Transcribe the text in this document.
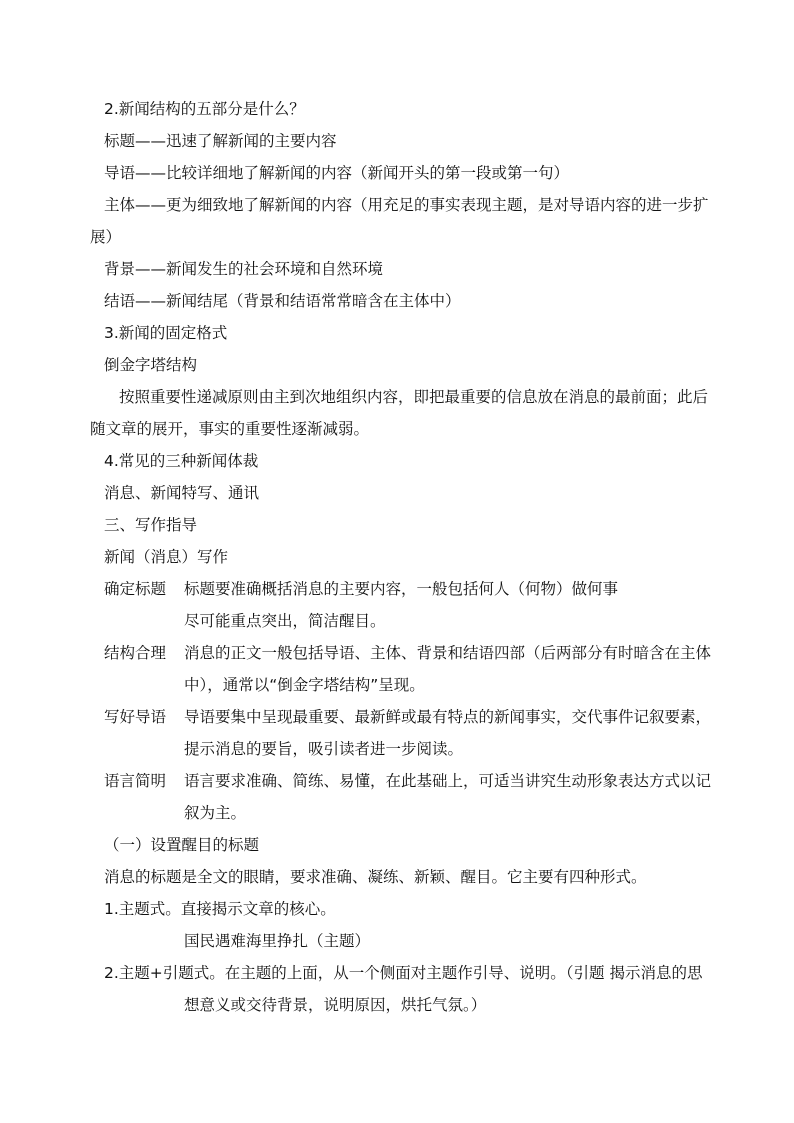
2.新闻结构的五部分是什么？
标题——迅速了解新闻的主要内容
导语——比较详细地了解新闻的内容（新闻开头的第一段或第一句）
主体——更为细致地了解新闻的内容（用充足的事实表现主题，是对导语内容的进一步扩
展）
背景——新闻发生的社会环境和自然环境
结语——新闻结尾（背景和结语常常暗含在主体中）
3.新闻的固定格式
倒金字塔结构
按照重要性递减原则由主到次地组织内容，即把最重要的信息放在消息的最前面；此后
随文章的展开，事实的重要性逐渐减弱。
4.常见的三种新闻体裁
消息、新闻特写、通讯
三、写作指导
新闻（消息）写作
确定标题 标题要准确概括消息的主要内容，一般包括何人（何物）做何事
尽可能重点突出，简洁醒目。
结构合理 消息的正文一般包括导语、主体、背景和结语四部（后两部分有时暗含在主体
中），通常以“倒金字塔结构”呈现。
写好导语 导语要集中呈现最重要、最新鲜或最有特点的新闻事实，交代事件记叙要素，
提示消息的要旨，吸引读者进一步阅读。
语言简明 语言要求准确、简练、易懂，在此基础上，可适当讲究生动形象表达方式以记
叙为主。
（一）设置醒目的标题
消息的标题是全文的眼睛，要求准确、凝练、新颖、醒目。它主要有四种形式。
1.主题式。直接揭示文章的核心。
国民遇难海里挣扎（主题）
2.主题+引题式。在主题的上面，从一个侧面对主题作引导、说明。（引题 揭示消息的思
想意义或交待背景，说明原因，烘托气氛。）
